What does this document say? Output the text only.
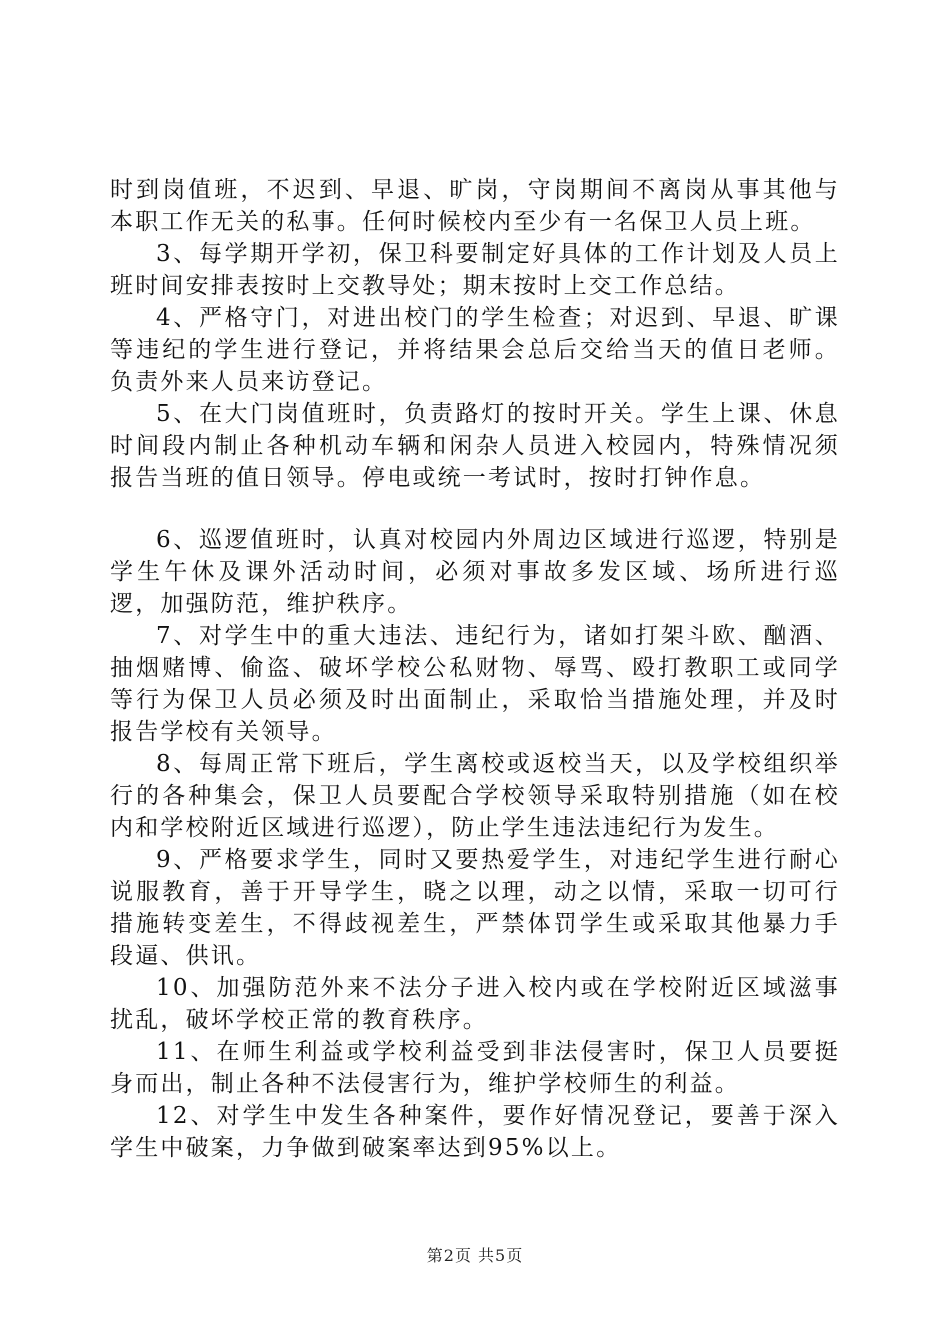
时到岗值班，不迟到、早退、旷岗，守岗期间不离岗从事其他与本职工作无关的私事。任何时候校内至少有一名保卫人员上班。

3、每学期开学初，保卫科要制定好具体的工作计划及人员上班时间安排表按时上交教导处；期末按时上交工作总结。

4、严格守门，对进出校门的学生检查；对迟到、早退、旷课等违纪的学生进行登记，并将结果会总后交给当天的值日老师。负责外来人员来访登记。

5、在大门岗值班时，负责路灯的按时开关。学生上课、休息时间段内制止各种机动车辆和闲杂人员进入校园内，特殊情况须报告当班的值日领导。停电或统一考试时，按时打钟作息。

6、巡逻值班时，认真对校园内外周边区域进行巡逻，特别是学生午休及课外活动时间，必须对事故多发区域、场所进行巡逻，加强防范，维护秩序。

7、对学生中的重大违法、违纪行为，诸如打架斗欧、酗酒、抽烟赌博、偷盗、破坏学校公私财物、辱骂、殴打教职工或同学等行为保卫人员必须及时出面制止，采取恰当措施处理，并及时报告学校有关领导。

8、每周正常下班后，学生离校或返校当天，以及学校组织举行的各种集会，保卫人员要配合学校领导采取特别措施（如在校内和学校附近区域进行巡逻），防止学生违法违纪行为发生。

9、严格要求学生，同时又要热爱学生，对违纪学生进行耐心说服教育，善于开导学生，晓之以理，动之以情，采取一切可行措施转变差生，不得歧视差生，严禁体罚学生或采取其他暴力手段逼、供讯。

10、加强防范外来不法分子进入校内或在学校附近区域滋事扰乱，破坏学校正常的教育秩序。

11、在师生利益或学校利益受到非法侵害时，保卫人员要挺身而出，制止各种不法侵害行为，维护学校师生的利益。

12、对学生中发生各种案件，要作好情况登记，要善于深入学生中破案，力争做到破案率达到95%以上。

第2页 共5页
